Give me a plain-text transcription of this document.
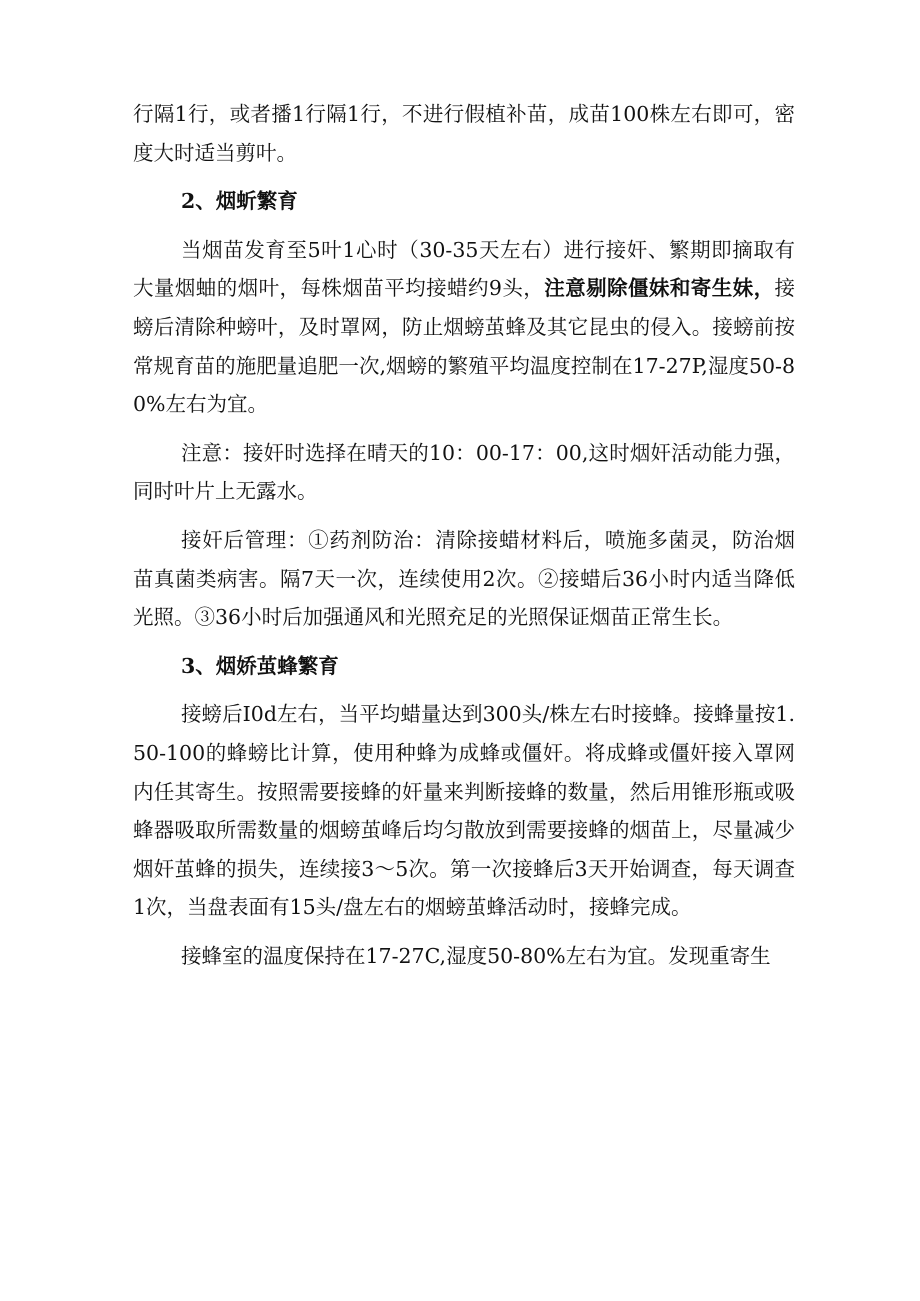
行隔1行，或者播1行隔1行，不进行假植补苗，成苗100株左右即可，密度大时适当剪叶。

2、烟蚚繁育

当烟苗发育至5叶1心时（30-35天左右）进行接奸、繁期即摘取有大量烟蚰的烟叶，每株烟苗平均接蜡约9头，注意剔除僵妹和寄生妹，接螃后清除种螃叶，及时罩网，防止烟螃茧蜂及其它昆虫的侵入。接螃前按常规育苗的施肥量追肥一次,烟螃的繁殖平均温度控制在17-27P,湿度50-80%左右为宜。

注意：接奸时选择在晴天的10：00-17：00,这时烟奸活动能力强，同时叶片上无露水。

接奸后管理：①药剂防治：清除接蜡材料后，喷施多菌灵，防治烟苗真菌类病害。隔7天一次，连续使用2次。②接蜡后36小时内适当降低光照。③36小时后加强通风和光照充足的光照保证烟苗正常生长。

3、烟娇茧蜂繁育

接螃后I0d左右，当平均蜡量达到300头/株左右时接蜂。接蜂量按1.50-100的蜂螃比计算，使用种蜂为成蜂或僵奸。将成蜂或僵奸接入罩网内任其寄生。按照需要接蜂的奸量来判断接蜂的数量，然后用锥形瓶或吸蜂器吸取所需数量的烟螃茧峰后均匀散放到需要接蜂的烟苗上，尽量减少烟奸茧蜂的损失，连续接3～5次。第一次接蜂后3天开始调查，每天调查1次，当盘表面有15头/盘左右的烟螃茧蜂活动时，接蜂完成。

接蜂室的温度保持在17-27C,湿度50-80%左右为宜。发现重寄生
